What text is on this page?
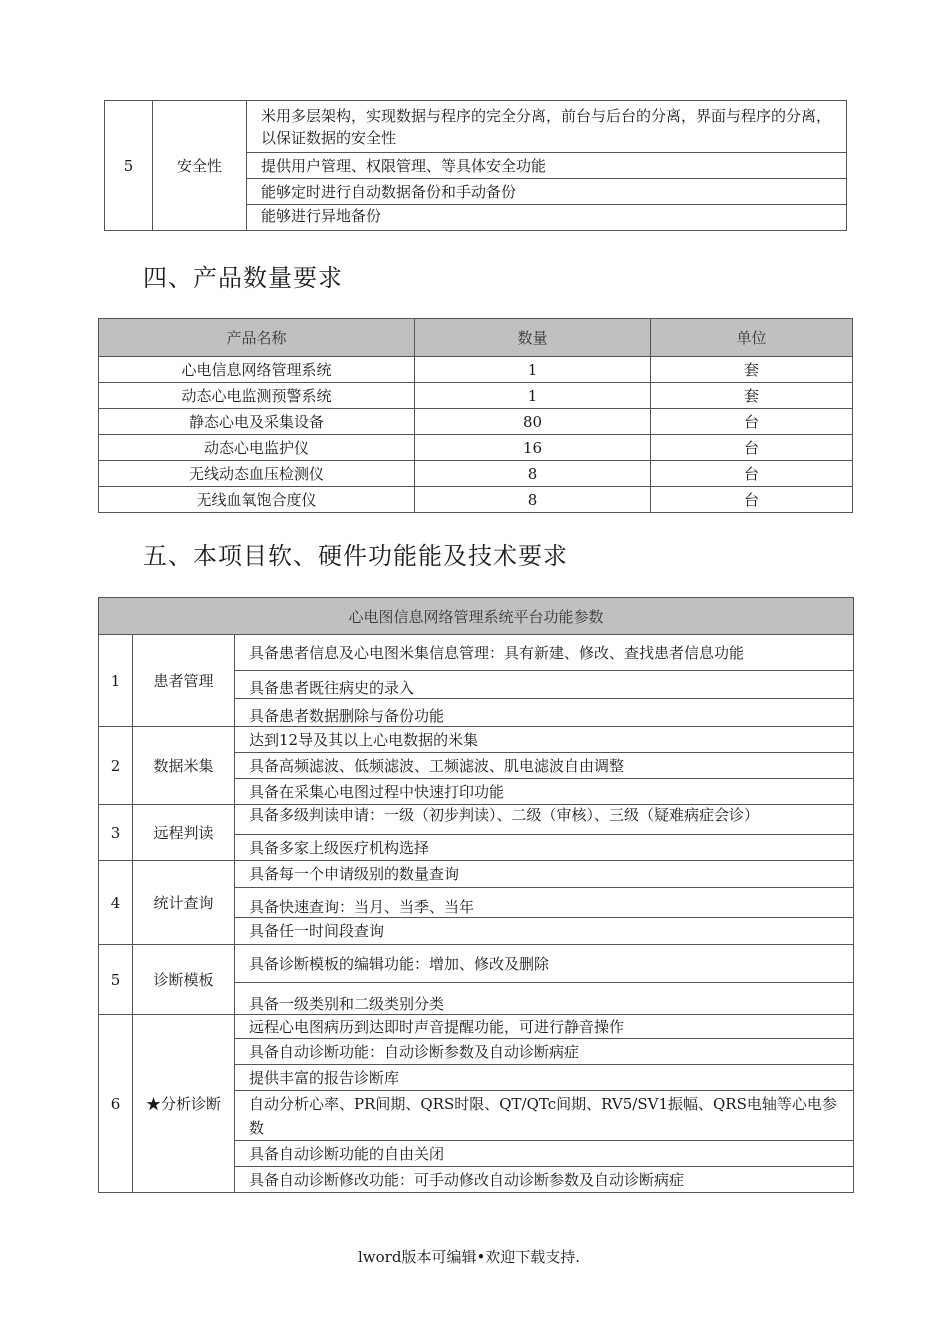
5	安全性	米用多层架构，实现数据与程序的完全分离，前台与后台的分离，界面与程序的分离，以保证数据的安全性
提供用户管理、权限管理、等具体安全功能
能够定时进行自动数据备份和手动备份
能够进行异地备份
四、产品数量要求
产品名称	数量	单位
心电信息网络管理系统	1	套
动态心电监测预警系统	1	套
静态心电及采集设备	80	台
动态心电监护仪	16	台
无线动态血压检测仪	8	台
无线血氧饱合度仪	8	台
五、本项目软、硬件功能能及技术要求
心电图信息网络管理系统平台功能参数		
1	患者管理	具备患者信息及心电图米集信息管理：具有新建、修改、查找患者信息功能
		具备患者既往病史的录入
		具备患者数据删除与备份功能
2	数据米集	达到12导及其以上心电数据的米集
		具备高频滤波、低频滤波、工频滤波、肌电滤波自由调整
		具备在采集心电图过程中快速打印功能
3	远程判读	具备多级判读申请：一级（初步判读）、二级（审核）、三级（疑难病症会诊）
		具备多家上级医疗机构选择
4	统计查询	具备每一个申请级别的数量查询
		具备快速查询：当月、当季、当年
		具备任一时间段查询
5	诊断模板	具备诊断模板的编辑功能：增加、修改及删除
		具备一级类别和二级类别分类
6	★分析诊断	远程心电图病历到达即时声音提醒功能，可进行静音操作
		具备自动诊断功能：自动诊断参数及自动诊断病症
		提供丰富的报告诊断库
		自动分析心率、PR间期、QRS时限、QT/QTc间期、RV5/SV1振幅、QRS电轴等心电参数
		具备自动诊断功能的自由关闭
		具备自动诊断修改功能：可手动修改自动诊断参数及自动诊断病症
lword版本可编辑•欢迎下载支持.
